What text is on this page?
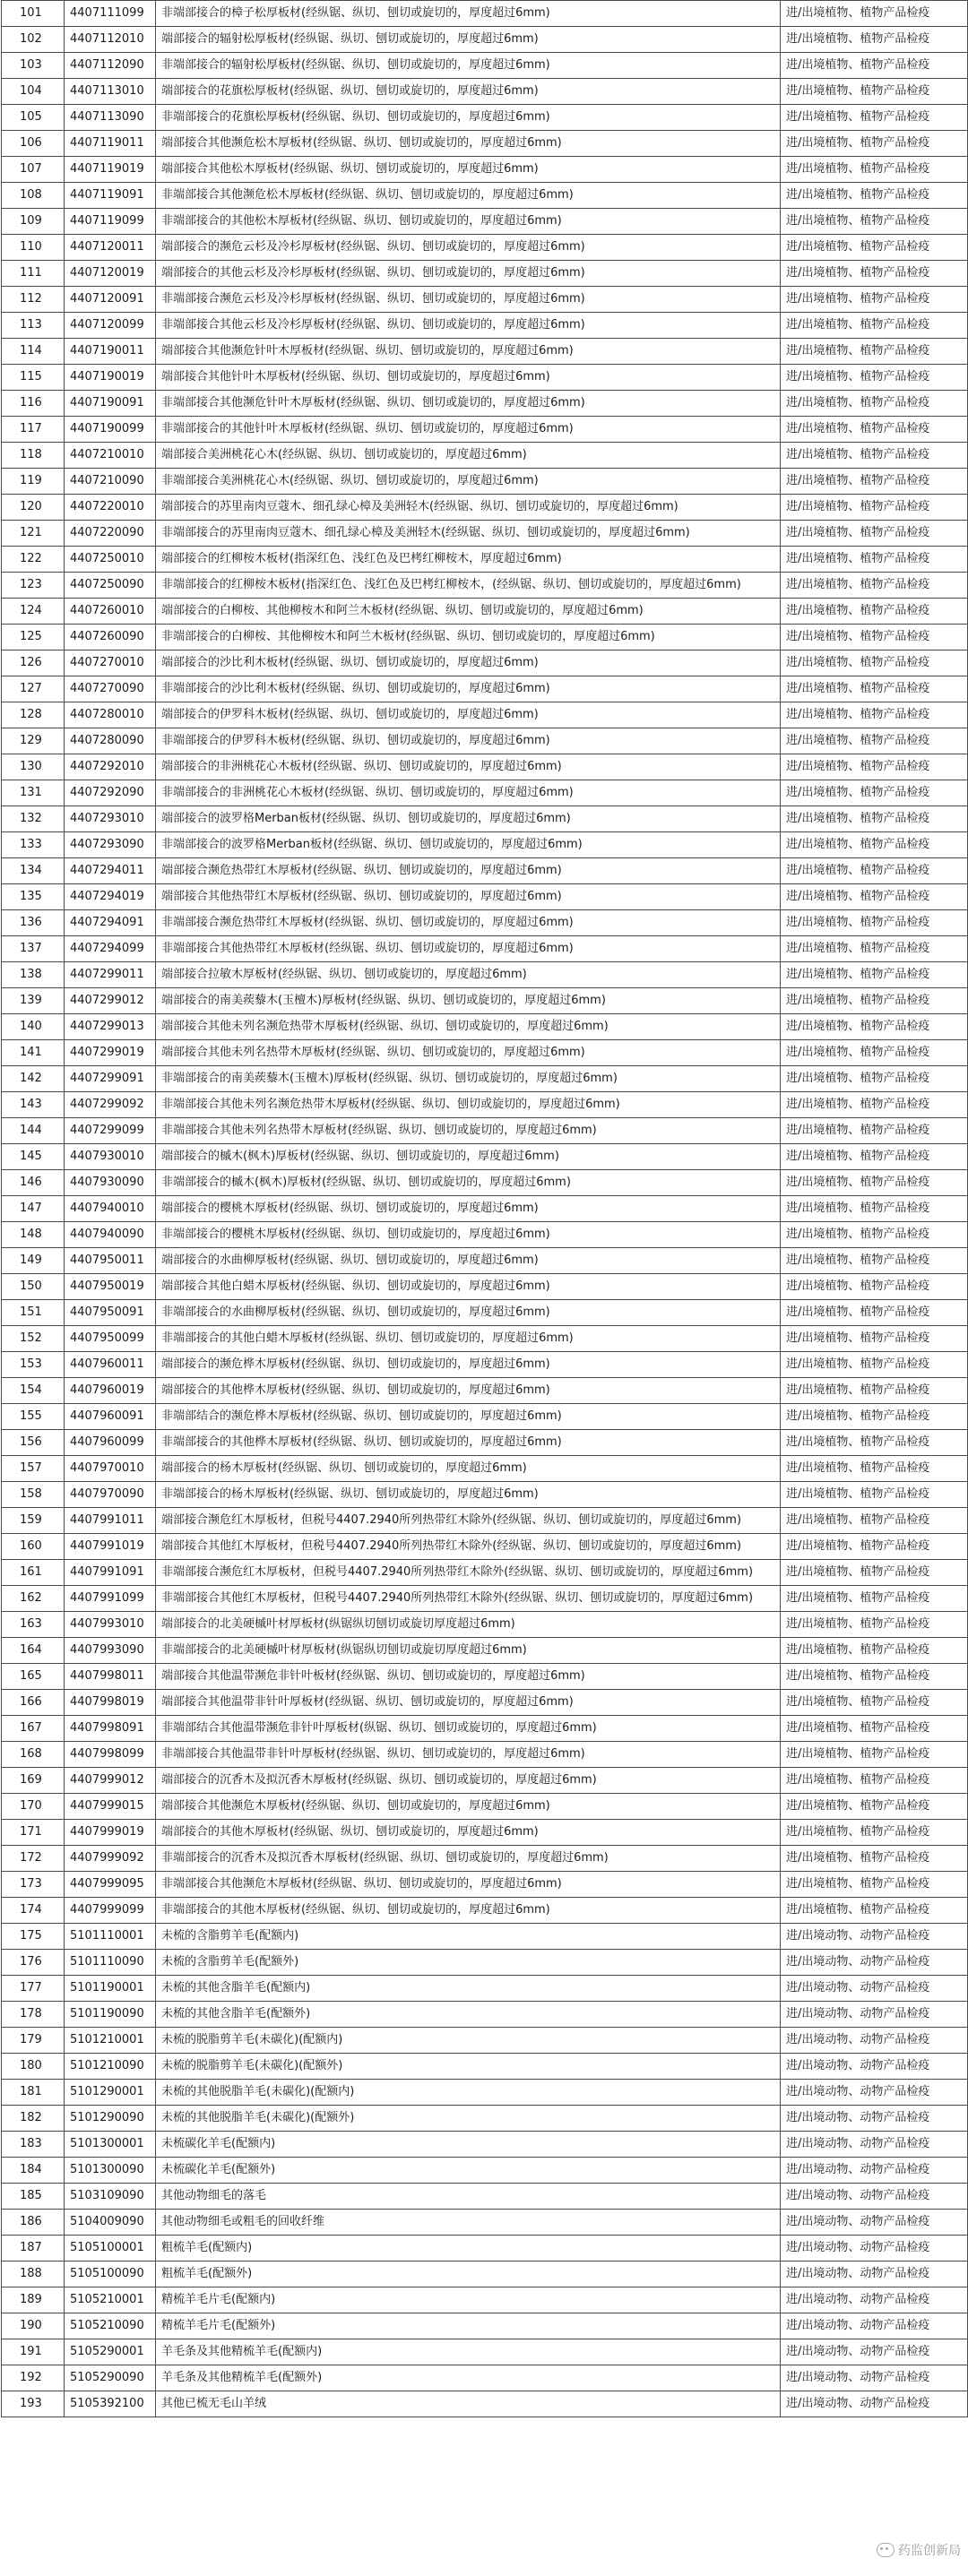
101	4407111099	非端部接合的樟子松厚板材(经纵锯、纵切、刨切或旋切的，厚度超过6mm)	进/出境植物、植物产品检疫
102	4407112010	端部接合的辐射松厚板材(经纵锯、纵切、刨切或旋切的，厚度超过6mm)	进/出境植物、植物产品检疫
103	4407112090	非端部接合的辐射松厚板材(经纵锯、纵切、刨切或旋切的，厚度超过6mm)	进/出境植物、植物产品检疫
104	4407113010	端部接合的花旗松厚板材(经纵锯、纵切、刨切或旋切的，厚度超过6mm)	进/出境植物、植物产品检疫
105	4407113090	非端部接合的花旗松厚板材(经纵锯、纵切、刨切或旋切的，厚度超过6mm)	进/出境植物、植物产品检疫
106	4407119011	端部接合其他濒危松木厚板材(经纵锯、纵切、刨切或旋切的，厚度超过6mm)	进/出境植物、植物产品检疫
107	4407119019	端部接合其他松木厚板材(经纵锯、纵切、刨切或旋切的，厚度超过6mm)	进/出境植物、植物产品检疫
108	4407119091	非端部接合其他濒危松木厚板材(经纵锯、纵切、刨切或旋切的，厚度超过6mm)	进/出境植物、植物产品检疫
109	4407119099	非端部接合的其他松木厚板材(经纵锯、纵切、刨切或旋切的，厚度超过6mm)	进/出境植物、植物产品检疫
110	4407120011	端部接合的濒危云杉及冷杉厚板材(经纵锯、纵切、刨切或旋切的，厚度超过6mm)	进/出境植物、植物产品检疫
111	4407120019	端部接合的其他云杉及冷杉厚板材(经纵锯、纵切、刨切或旋切的，厚度超过6mm)	进/出境植物、植物产品检疫
112	4407120091	非端部接合濒危云杉及冷杉厚板材(经纵锯、纵切、刨切或旋切的，厚度超过6mm)	进/出境植物、植物产品检疫
113	4407120099	非端部接合其他云杉及冷杉厚板材(经纵锯、纵切、刨切或旋切的，厚度超过6mm)	进/出境植物、植物产品检疫
114	4407190011	端部接合其他濒危针叶木厚板材(经纵锯、纵切、刨切或旋切的，厚度超过6mm)	进/出境植物、植物产品检疫
115	4407190019	端部接合其他针叶木厚板材(经纵锯、纵切、刨切或旋切的，厚度超过6mm)	进/出境植物、植物产品检疫
116	4407190091	非端部接合其他濒危针叶木厚板材(经纵锯、纵切、刨切或旋切的，厚度超过6mm)	进/出境植物、植物产品检疫
117	4407190099	非端部接合的其他针叶木厚板材(经纵锯、纵切、刨切或旋切的，厚度超过6mm)	进/出境植物、植物产品检疫
118	4407210010	端部接合美洲桃花心木(经纵锯、纵切、刨切或旋切的，厚度超过6mm)	进/出境植物、植物产品检疫
119	4407210090	非端部接合美洲桃花心木(经纵锯、纵切、刨切或旋切的，厚度超过6mm)	进/出境植物、植物产品检疫
120	4407220010	端部接合的苏里南肉豆蔻木、细孔绿心樟及美洲轻木(经纵锯、纵切、刨切或旋切的，厚度超过6mm)	进/出境植物、植物产品检疫
121	4407220090	非端部接合的苏里南肉豆蔻木、细孔绿心樟及美洲轻木(经纵锯、纵切、刨切或旋切的，厚度超过6mm)	进/出境植物、植物产品检疫
122	4407250010	端部接合的红柳桉木板材(指深红色、浅红色及巴栲红柳桉木，厚度超过6mm)	进/出境植物、植物产品检疫
123	4407250090	非端部接合的红柳桉木板材(指深红色、浅红色及巴栲红柳桉木，(经纵锯、纵切、刨切或旋切的，厚度超过6mm)	进/出境植物、植物产品检疫
124	4407260010	端部接合的白柳桉、其他柳桉木和阿兰木板材(经纵锯、纵切、刨切或旋切的，厚度超过6mm)	进/出境植物、植物产品检疫
125	4407260090	非端部接合的白柳桉、其他柳桉木和阿兰木板材(经纵锯、纵切、刨切或旋切的，厚度超过6mm)	进/出境植物、植物产品检疫
126	4407270010	端部接合的沙比利木板材(经纵锯、纵切、刨切或旋切的，厚度超过6mm)	进/出境植物、植物产品检疫
127	4407270090	非端部接合的沙比利木板材(经纵锯、纵切、刨切或旋切的，厚度超过6mm)	进/出境植物、植物产品检疫
128	4407280010	端部接合的伊罗科木板材(经纵锯、纵切、刨切或旋切的，厚度超过6mm)	进/出境植物、植物产品检疫
129	4407280090	非端部接合的伊罗科木板材(经纵锯、纵切、刨切或旋切的，厚度超过6mm)	进/出境植物、植物产品检疫
130	4407292010	端部接合的非洲桃花心木板材(经纵锯、纵切、刨切或旋切的，厚度超过6mm)	进/出境植物、植物产品检疫
131	4407292090	非端部接合的非洲桃花心木板材(经纵锯、纵切、刨切或旋切的，厚度超过6mm)	进/出境植物、植物产品检疫
132	4407293010	端部接合的波罗格Merban板材(经纵锯、纵切、刨切或旋切的，厚度超过6mm)	进/出境植物、植物产品检疫
133	4407293090	非端部接合的波罗格Merban板材(经纵锯、纵切、刨切或旋切的，厚度超过6mm)	进/出境植物、植物产品检疫
134	4407294011	端部接合濒危热带红木厚板材(经纵锯、纵切、刨切或旋切的，厚度超过6mm)	进/出境植物、植物产品检疫
135	4407294019	端部接合其他热带红木厚板材(经纵锯、纵切、刨切或旋切的，厚度超过6mm)	进/出境植物、植物产品检疫
136	4407294091	非端部接合濒危热带红木厚板材(经纵锯、纵切、刨切或旋切的，厚度超过6mm)	进/出境植物、植物产品检疫
137	4407294099	非端部接合其他热带红木厚板材(经纵锯、纵切、刨切或旋切的，厚度超过6mm)	进/出境植物、植物产品检疫
138	4407299011	端部接合拉敏木厚板材(经纵锯、纵切、刨切或旋切的，厚度超过6mm)	进/出境植物、植物产品检疫
139	4407299012	端部接合的南美蒺藜木(玉檀木)厚板材(经纵锯、纵切、刨切或旋切的，厚度超过6mm)	进/出境植物、植物产品检疫
140	4407299013	端部接合其他未列名濒危热带木厚板材(经纵锯、纵切、刨切或旋切的，厚度超过6mm)	进/出境植物、植物产品检疫
141	4407299019	端部接合其他未列名热带木厚板材(经纵锯、纵切、刨切或旋切的，厚度超过6mm)	进/出境植物、植物产品检疫
142	4407299091	非端部接合的南美蒺藜木(玉檀木)厚板材(经纵锯、纵切、刨切或旋切的，厚度超过6mm)	进/出境植物、植物产品检疫
143	4407299092	非端部接合其他未列名濒危热带木厚板材(经纵锯、纵切、刨切或旋切的，厚度超过6mm)	进/出境植物、植物产品检疫
144	4407299099	非端部接合其他未列名热带木厚板材(经纵锯、纵切、刨切或旋切的，厚度超过6mm)	进/出境植物、植物产品检疫
145	4407930010	端部接合的槭木(枫木)厚板材(经纵锯、纵切、刨切或旋切的，厚度超过6mm)	进/出境植物、植物产品检疫
146	4407930090	非端部接合的槭木(枫木)厚板材(经纵锯、纵切、刨切或旋切的，厚度超过6mm)	进/出境植物、植物产品检疫
147	4407940010	端部接合的樱桃木厚板材(经纵锯、纵切、刨切或旋切的，厚度超过6mm)	进/出境植物、植物产品检疫
148	4407940090	非端部接合的樱桃木厚板材(经纵锯、纵切、刨切或旋切的，厚度超过6mm)	进/出境植物、植物产品检疫
149	4407950011	端部接合的水曲柳厚板材(经纵锯、纵切、刨切或旋切的，厚度超过6mm)	进/出境植物、植物产品检疫
150	4407950019	端部接合其他白蜡木厚板材(经纵锯、纵切、刨切或旋切的，厚度超过6mm)	进/出境植物、植物产品检疫
151	4407950091	非端部接合的水曲柳厚板材(经纵锯、纵切、刨切或旋切的，厚度超过6mm)	进/出境植物、植物产品检疫
152	4407950099	非端部接合的其他白蜡木厚板材(经纵锯、纵切、刨切或旋切的，厚度超过6mm)	进/出境植物、植物产品检疫
153	4407960011	端部接合的濒危桦木厚板材(经纵锯、纵切、刨切或旋切的，厚度超过6mm)	进/出境植物、植物产品检疫
154	4407960019	端部接合的其他桦木厚板材(经纵锯、纵切、刨切或旋切的，厚度超过6mm)	进/出境植物、植物产品检疫
155	4407960091	非端部结合的濒危桦木厚板材(经纵锯、纵切、刨切或旋切的，厚度超过6mm)	进/出境植物、植物产品检疫
156	4407960099	非端部接合的其他桦木厚板材(经纵锯、纵切、刨切或旋切的，厚度超过6mm)	进/出境植物、植物产品检疫
157	4407970010	端部接合的杨木厚板材(经纵锯、纵切、刨切或旋切的，厚度超过6mm)	进/出境植物、植物产品检疫
158	4407970090	非端部接合的杨木厚板材(经纵锯、纵切、刨切或旋切的，厚度超过6mm)	进/出境植物、植物产品检疫
159	4407991011	端部接合濒危红木厚板材，但税号4407.2940所列热带红木除外(经纵锯、纵切、刨切或旋切的，厚度超过6mm)	进/出境植物、植物产品检疫
160	4407991019	端部接合其他红木厚板材，但税号4407.2940所列热带红木除外(经纵锯、纵切、刨切或旋切的，厚度超过6mm)	进/出境植物、植物产品检疫
161	4407991091	非端部接合濒危红木厚板材，但税号4407.2940所列热带红木除外(经纵锯、纵切、刨切或旋切的，厚度超过6mm)	进/出境植物、植物产品检疫
162	4407991099	非端部接合其他红木厚板材，但税号4407.2940所列热带红木除外(经纵锯、纵切、刨切或旋切的，厚度超过6mm)	进/出境植物、植物产品检疫
163	4407993010	端部接合的北美硬槭叶材厚板材(纵锯纵切刨切或旋切厚度超过6mm)	进/出境植物、植物产品检疫
164	4407993090	非端部接合的北美硬槭叶材厚板材(纵锯纵切刨切或旋切厚度超过6mm)	进/出境植物、植物产品检疫
165	4407998011	端部接合其他温带濒危非针叶板材(经纵锯、纵切、刨切或旋切的，厚度超过6mm)	进/出境植物、植物产品检疫
166	4407998019	端部接合其他温带非针叶厚板材(经纵锯、纵切、刨切或旋切的，厚度超过6mm)	进/出境植物、植物产品检疫
167	4407998091	非端部结合其他温带濒危非针叶厚板材(纵锯、纵切、刨切或旋切的，厚度超过6mm)	进/出境植物、植物产品检疫
168	4407998099	非端部接合其他温带非针叶厚板材(经纵锯、纵切、刨切或旋切的，厚度超过6mm)	进/出境植物、植物产品检疫
169	4407999012	端部接合的沉香木及拟沉香木厚板材(经纵锯、纵切、刨切或旋切的，厚度超过6mm)	进/出境植物、植物产品检疫
170	4407999015	端部接合其他濒危木厚板材(经纵锯、纵切、刨切或旋切的，厚度超过6mm)	进/出境植物、植物产品检疫
171	4407999019	端部接合的其他木厚板材(经纵锯、纵切、刨切或旋切的，厚度超过6mm)	进/出境植物、植物产品检疫
172	4407999092	非端部接合的沉香木及拟沉香木厚板材(经纵锯、纵切、刨切或旋切的，厚度超过6mm)	进/出境植物、植物产品检疫
173	4407999095	非端部接合其他濒危木厚板材(经纵锯、纵切、刨切或旋切的，厚度超过6mm)	进/出境植物、植物产品检疫
174	4407999099	非端部接合的其他木厚板材(经纵锯、纵切、刨切或旋切的，厚度超过6mm)	进/出境植物、植物产品检疫
175	5101110001	未梳的含脂剪羊毛(配额内)	进/出境动物、动物产品检疫
176	5101110090	未梳的含脂剪羊毛(配额外)	进/出境动物、动物产品检疫
177	5101190001	未梳的其他含脂羊毛(配额内)	进/出境动物、动物产品检疫
178	5101190090	未梳的其他含脂羊毛(配额外)	进/出境动物、动物产品检疫
179	5101210001	未梳的脱脂剪羊毛(未碳化)(配额内)	进/出境动物、动物产品检疫
180	5101210090	未梳的脱脂剪羊毛(未碳化)(配额外)	进/出境动物、动物产品检疫
181	5101290001	未梳的其他脱脂羊毛(未碳化)(配额内)	进/出境动物、动物产品检疫
182	5101290090	未梳的其他脱脂羊毛(未碳化)(配额外)	进/出境动物、动物产品检疫
183	5101300001	未梳碳化羊毛(配额内)	进/出境动物、动物产品检疫
184	5101300090	未梳碳化羊毛(配额外)	进/出境动物、动物产品检疫
185	5103109090	其他动物细毛的落毛	进/出境动物、动物产品检疫
186	5104009090	其他动物细毛或粗毛的回收纤维	进/出境动物、动物产品检疫
187	5105100001	粗梳羊毛(配额内)	进/出境动物、动物产品检疫
188	5105100090	粗梳羊毛(配额外)	进/出境动物、动物产品检疫
189	5105210001	精梳羊毛片毛(配额内)	进/出境动物、动物产品检疫
190	5105210090	精梳羊毛片毛(配额外)	进/出境动物、动物产品检疫
191	5105290001	羊毛条及其他精梳羊毛(配额内)	进/出境动物、动物产品检疫
192	5105290090	羊毛条及其他精梳羊毛(配额外)	进/出境动物、动物产品检疫
193	5105392100	其他已梳无毛山羊绒	进/出境动物、动物产品检疫
药监创新局
